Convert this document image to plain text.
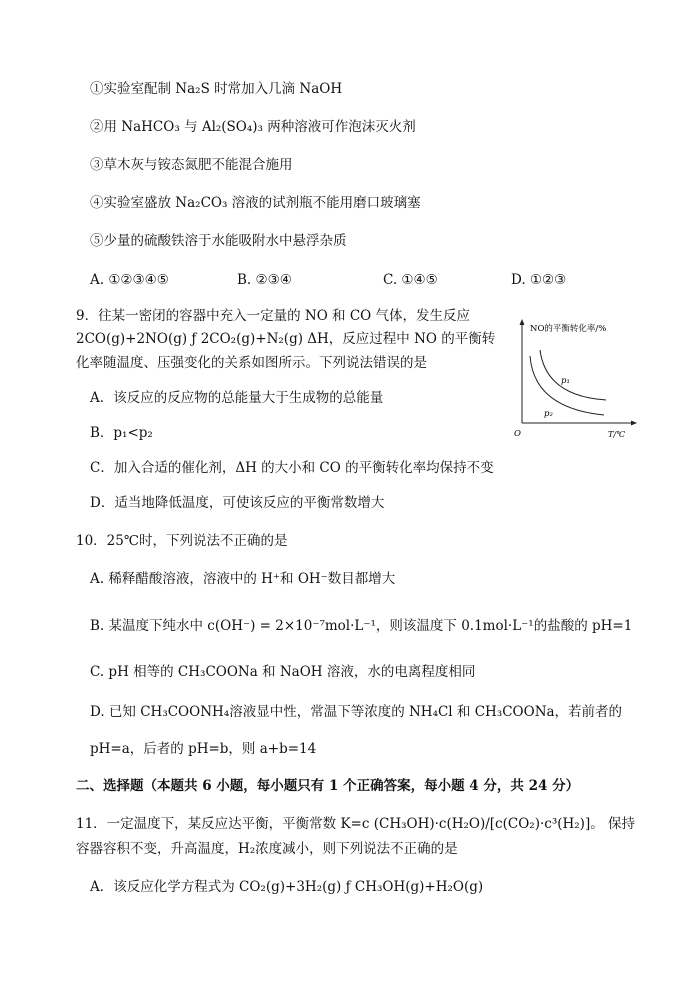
①实验室配制 Na₂S 时常加入几滴 NaOH
②用 NaHCO₃ 与 Al₂(SO₄)₃ 两种溶液可作泡沫灭火剂
③草木灰与铵态氮肥不能混合施用
④实验室盛放 Na₂CO₃ 溶液的试剂瓶不能用磨口玻璃塞
⑤少量的硫酸铁溶于水能吸附水中悬浮杂质
A. ①②③④⑤	B. ②③④	C. ①④⑤	D. ①②③
9．往某一密闭的容器中充入一定量的 NO 和 CO 气体，发生反应
2CO(g)+2NO(g) ƒ 2CO₂(g)+N₂(g) ΔH，反应过程中 NO 的平衡转
化率随温度、压强变化的关系如图所示。下列说法错误的是
A．该反应的反应物的总能量大于生成物的总能量
B．p₁<p₂
C．加入合适的催化剂，ΔH 的大小和 CO 的平衡转化率均保持不变
D．适当地降低温度，可使该反应的平衡常数增大
NO的平衡转化率/%
T/℃
O
p₁
p₂
10．25℃时，下列说法不正确的是
A. 稀释醋酸溶液，溶液中的 H⁺和 OH⁻数目都增大
B. 某温度下纯水中 c(OH⁻) = 2×10⁻⁷mol·L⁻¹，则该温度下 0.1mol·L⁻¹的盐酸的 pH=1
C. pH 相等的 CH₃COONa 和 NaOH 溶液，水的电离程度相同
D. 已知 CH₃COONH₄溶液显中性，常温下等浓度的 NH₄Cl 和 CH₃COONa，若前者的
pH=a，后者的 pH=b，则 a+b=14
二、选择题（本题共 6 小题，每小题只有 1 个正确答案，每小题 4 分，共 24 分）
11．一定温度下，某反应达平衡，平衡常数 K=c (CH₃OH)·c(H₂O)/[c(CO₂)·c³(H₂)]。 保持
容器容积不变，升高温度，H₂浓度减小，则下列说法不正确的是
A．该反应化学方程式为 CO₂(g)+3H₂(g) ƒ CH₃OH(g)+H₂O(g)
